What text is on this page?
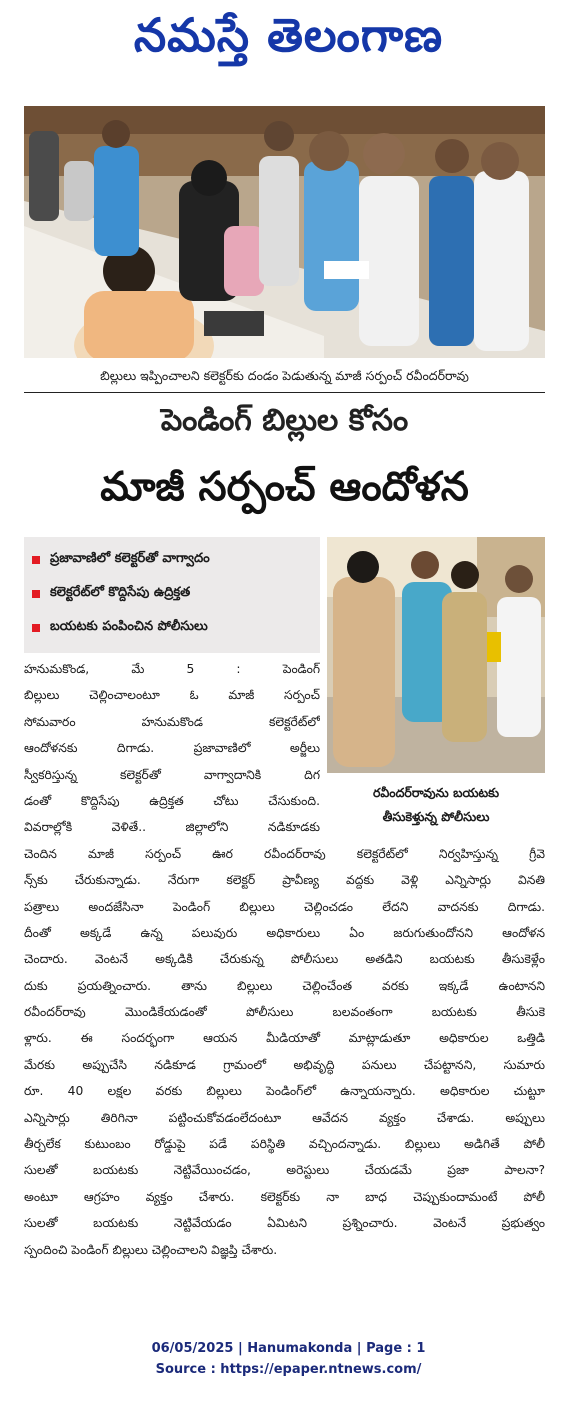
నమస్తే తెలంగాణ
బిల్లులు ఇప్పించాలని కలెక్టర్‌కు దండం పెడుతున్న మాజీ సర్పంచ్ రవీందర్‌రావు
పెండింగ్ బిల్లుల కోసం
మాజీ సర్పంచ్ ఆందోళన
ప్రజావాణిలో కలెక్టర్‌తో వాగ్వాదం
కలెక్టరేట్‌లో కొద్దిసేపు ఉద్రిక్తత
బయటకు పంపించిన పోలీసులు
రవీందర్‌రావును బయటకు
తీసుకెళ్తున్న పోలీసులు
హనుమకొండ, మే 5 : పెండింగ్
బిల్లులు చెల్లించాలంటూ ఓ మాజీ సర్పంచ్
సోమవారం హనుమకొండ కలెక్టరేట్‌లో
ఆందోళనకు దిగాడు. ప్రజావాణిలో అర్జీలు
స్వీకరిస్తున్న కలెక్టర్‌తో వాగ్వాదానికి దిగ
డంతో కొద్దిసేపు ఉద్రిక్తత చోటు చేసుకుంది.
వివరాల్లోకి వెళితే.. జిల్లాలోని నడికూడకు
చెందిన మాజీ సర్పంచ్ ఊర రవీందర్‌రావు కలెక్టరేట్‌లో నిర్వహిస్తున్న గ్రీవె
న్స్‌కు చేరుకున్నాడు. నేరుగా కలెక్టర్ ప్రావీణ్య వద్దకు వెళ్లి ఎన్నిసార్లు వినతి
పత్రాలు అందజేసినా పెండింగ్ బిల్లులు చెల్లించడం లేదని వాదనకు దిగాడు.
దీంతో అక్కడే ఉన్న పలువురు అధికారులు ఏం జరుగుతుందోనని ఆందోళన
చెందారు. వెంటనే అక్కడికి చేరుకున్న పోలీసులు అతడిని బయటకు తీసుకెళ్లేం
దుకు ప్రయత్నించారు. తాను బిల్లులు చెల్లించేంత వరకు ఇక్కడే ఉంటానని
రవీందర్‌రావు మొండికేయడంతో పోలీసులు బలవంతంగా బయటకు తీసుకె
ళ్లారు. ఈ సందర్భంగా ఆయన మీడియాతో మాట్లాడుతూ అధికారుల ఒత్తిడి
మేరకు అప్పుచేసి నడికూడ గ్రామంలో అభివృద్ధి పనులు చేపట్టానని, సుమారు
రూ. 40 లక్షల వరకు బిల్లులు పెండింగ్‌లో ఉన్నాయన్నారు. అధికారుల చుట్టూ
ఎన్నిసార్లు తిరిగినా పట్టించుకోవడంలేదంటూ ఆవేదన వ్యక్తం చేశాడు. అప్పులు
తీర్చలేక కుటుంబం రోడ్డుపై పడే పరిస్థితి వచ్చిందన్నాడు. బిల్లులు అడిగితే పోలీ
సులతో బయటకు నెట్టివేయించడం, అరెస్టులు చేయడమే ప్రజా పాలనా?
అంటూ ఆగ్రహం వ్యక్తం చేశారు. కలెక్టర్‌కు నా బాధ చెప్పుకుందామంటే పోలీ
సులతో బయటకు నెట్టివేయడం ఏమిటని ప్రశ్నించారు. వెంటనే ప్రభుత్వం
స్పందించి పెండింగ్ బిల్లులు చెల్లించాలని విజ్ఞప్తి చేశారు.
06/05/2025 | Hanumakonda | Page : 1
Source : https://epaper.ntnews.com/
